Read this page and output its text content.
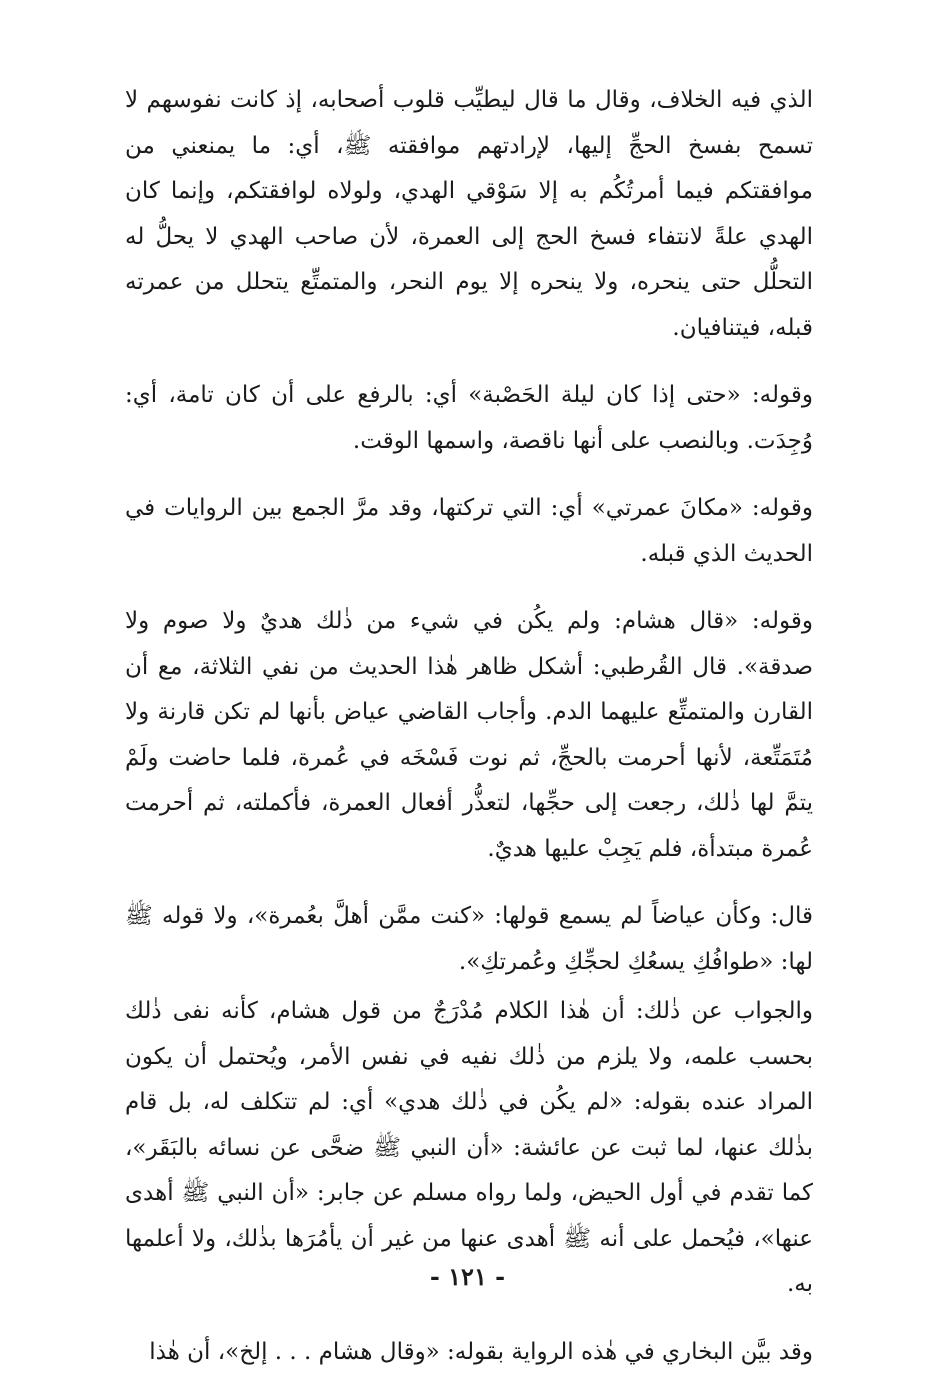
الذي فيه الخلاف، وقال ما قال ليطيِّب قلوب أصحابه، إذ كانت نفوسهم لا تسمح بفسخ الحجِّ إليها، لإرادتهم موافقته ﷺ، أي: ما يمنعني من موافقتكم فيما أمرتُكُم به إلا سَوْقي الهدي، ولولاه لوافقتكم، وإنما كان الهدي علةً لانتفاء فسخ الحج إلى العمرة، لأن صاحب الهدي لا يحلُّ له التحلُّل حتى ينحره، ولا ينحره إلا يوم النحر، والمتمتِّع يتحلل من عمرته قبله، فيتنافيان.

وقوله: «حتى إذا كان ليلة الحَصْبة» أي: بالرفع على أن كان تامة، أي: وُجِدَت. وبالنصب على أنها ناقصة، واسمها الوقت.

وقوله: «مكانَ عمرتي» أي: التي تركتها، وقد مرَّ الجمع بين الروايات في الحديث الذي قبله.

وقوله: «قال هشام: ولم يكُن في شيء من ذٰلك هديٌ ولا صوم ولا صدقة». قال القُرطبي: أشكل ظاهر هٰذا الحديث من نفي الثلاثة، مع أن القارن والمتمتِّع عليهما الدم. وأجاب القاضي عياض بأنها لم تكن قارنة ولا مُتَمَتِّعة، لأنها أحرمت بالحجِّ، ثم نوت فَسْخَه في عُمرة، فلما حاضت ولَمْ يتمَّ لها ذٰلك، رجعت إلى حجِّها، لتعذُّر أفعال العمرة، فأكملته، ثم أحرمت عُمرة مبتدأة، فلم يَجِبْ عليها هديٌ.

قال: وكأن عياضاً لم يسمع قولها: «كنت ممَّن أهلَّ بعُمرة»، ولا قوله ﷺ لها: «طوافُكِ يسعُكِ لحجِّكِ وعُمرتكِ».

والجواب عن ذٰلك: أن هٰذا الكلام مُدْرَجٌ من قول هشام، كأنه نفى ذٰلك بحسب علمه، ولا يلزم من ذٰلك نفيه في نفس الأمر، ويُحتمل أن يكون المراد عنده بقوله: «لم يكُن في ذٰلك هدي» أي: لم تتكلف له، بل قام بذٰلك عنها، لما ثبت عن عائشة: «أن النبي ﷺ ضحَّى عن نسائه بالبَقَر»، كما تقدم في أول الحيض، ولما رواه مسلم عن جابر: «أن النبي ﷺ أهدى عنها»، فيُحمل على أنه ﷺ أهدى عنها من غير أن يأمُرَها بذٰلك، ولا أعلمها به.

وقد بيَّن البخاري في هٰذه الرواية بقوله: «وقال هشام . . . إلخ»، أن هٰذا

- ١٢١ -
